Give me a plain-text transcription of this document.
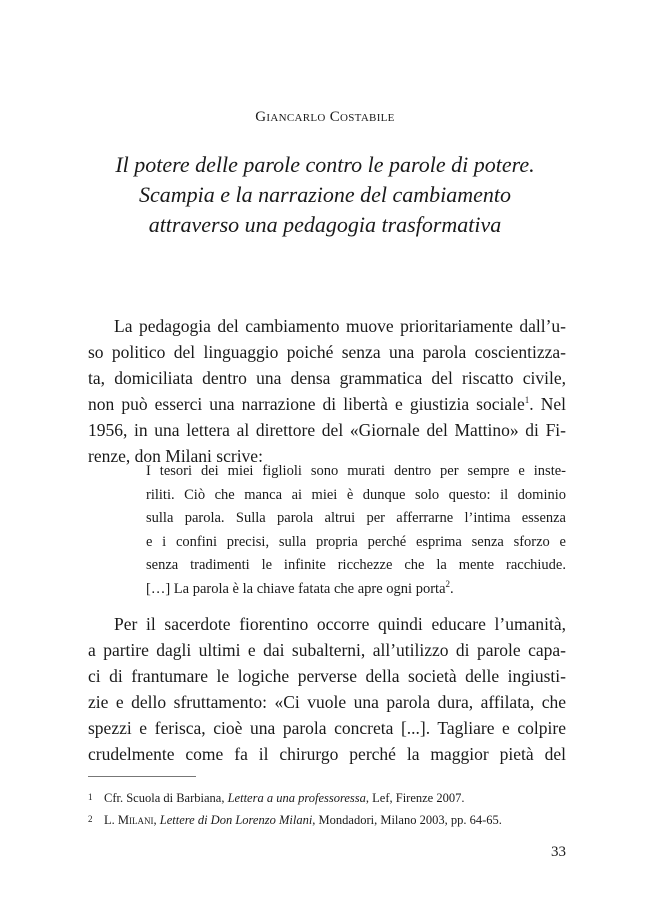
Giancarlo Costabile
Il potere delle parole contro le parole di potere.
Scampia e la narrazione del cambiamento
attraverso una pedagogia trasformativa
La pedagogia del cambiamento muove prioritariamente dall’u-
so politico del linguaggio poiché senza una parola coscientizza-
ta, domiciliata dentro una densa grammatica del riscatto civile,
non può esserci una narrazione di libertà e giustizia sociale$^1$. Nel
1956, in una lettera al direttore del «Giornale del Mattino» di Fi-
renze, don Milani scrive:
I tesori dei miei figlioli sono murati dentro per sempre e inste-
riliti. Ciò che manca ai miei è dunque solo questo: il dominio
sulla parola. Sulla parola altrui per afferrarne l’intima essenza
e i confini precisi, sulla propria perché esprima senza sforzo e
senza tradimenti le infinite ricchezze che la mente racchiude.
[…] La parola è la chiave fatata che apre ogni porta$^2$.
Per il sacerdote fiorentino occorre quindi educare l’umanità,
a partire dagli ultimi e dai subalterni, all’utilizzo di parole capa-
ci di frantumare le logiche perverse della società delle ingiusti-
zie e dello sfruttamento: «Ci vuole una parola dura, affilata, che
spezzi e ferisca, cioè una parola concreta [...]. Tagliare e colpire
crudelmente come fa il chirurgo perché la maggior pietà del
1 Cfr. Scuola di Barbiana, Lettera a una professoressa, Lef, Firenze 2007.
2 L. Milani, Lettere di Don Lorenzo Milani, Mondadori, Milano 2003, pp. 64-65.
33
